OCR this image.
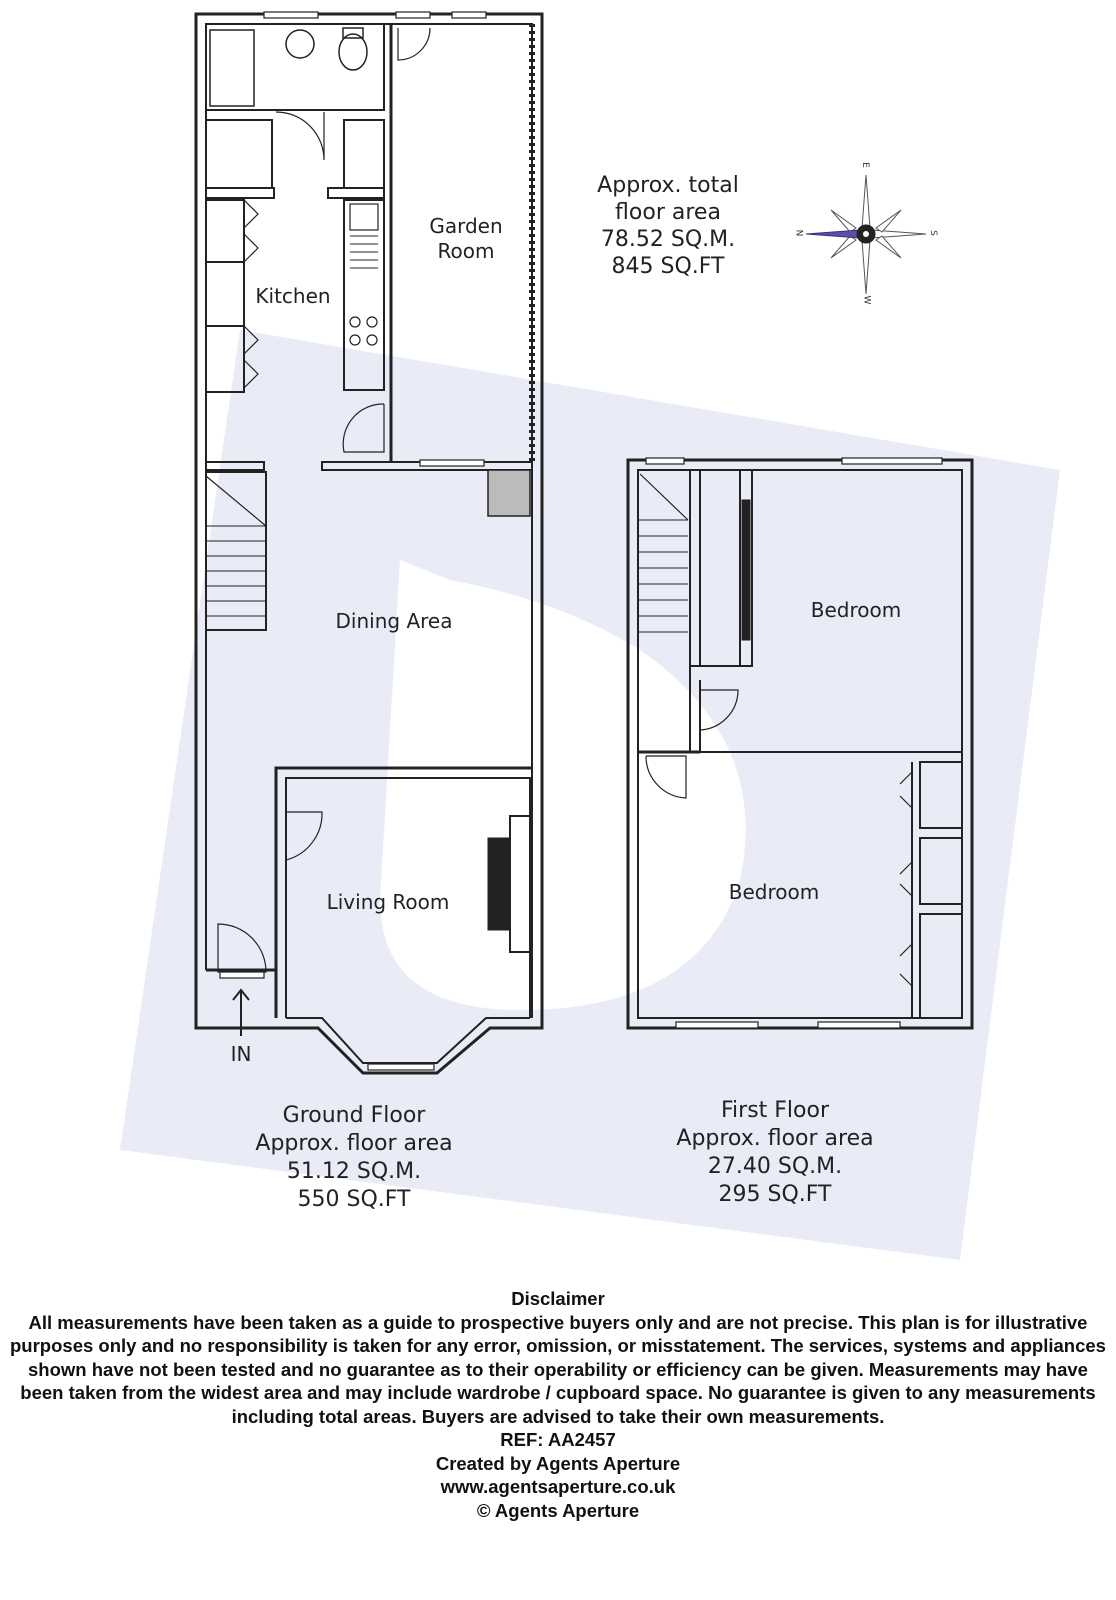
E
S
N
W
Garden
Room
Kitchen
Dining Area
Living Room
Bedroom
Bedroom
IN
Approx. total
floor area
78.52 SQ.M.
845 SQ.FT
Ground Floor
Approx. floor area
51.12 SQ.M.
550 SQ.FT
First Floor
Approx. floor area
27.40 SQ.M.
295 SQ.FT
Disclaimer
All measurements have been taken as a guide to prospective buyers only and are not precise. This plan is for illustrative purposes only and no responsibility is taken for any error, omission, or misstatement. The services, systems and appliances shown have not been tested and no guarantee as to their operability or efficiency can be given. Measurements may have been taken from the widest area and may include wardrobe / cupboard space. No guarantee is given to any measurements including total areas. Buyers are advised to take their own measurements.
REF: AA2457
Created by Agents Aperture
www.agentsaperture.co.uk
© Agents Aperture
